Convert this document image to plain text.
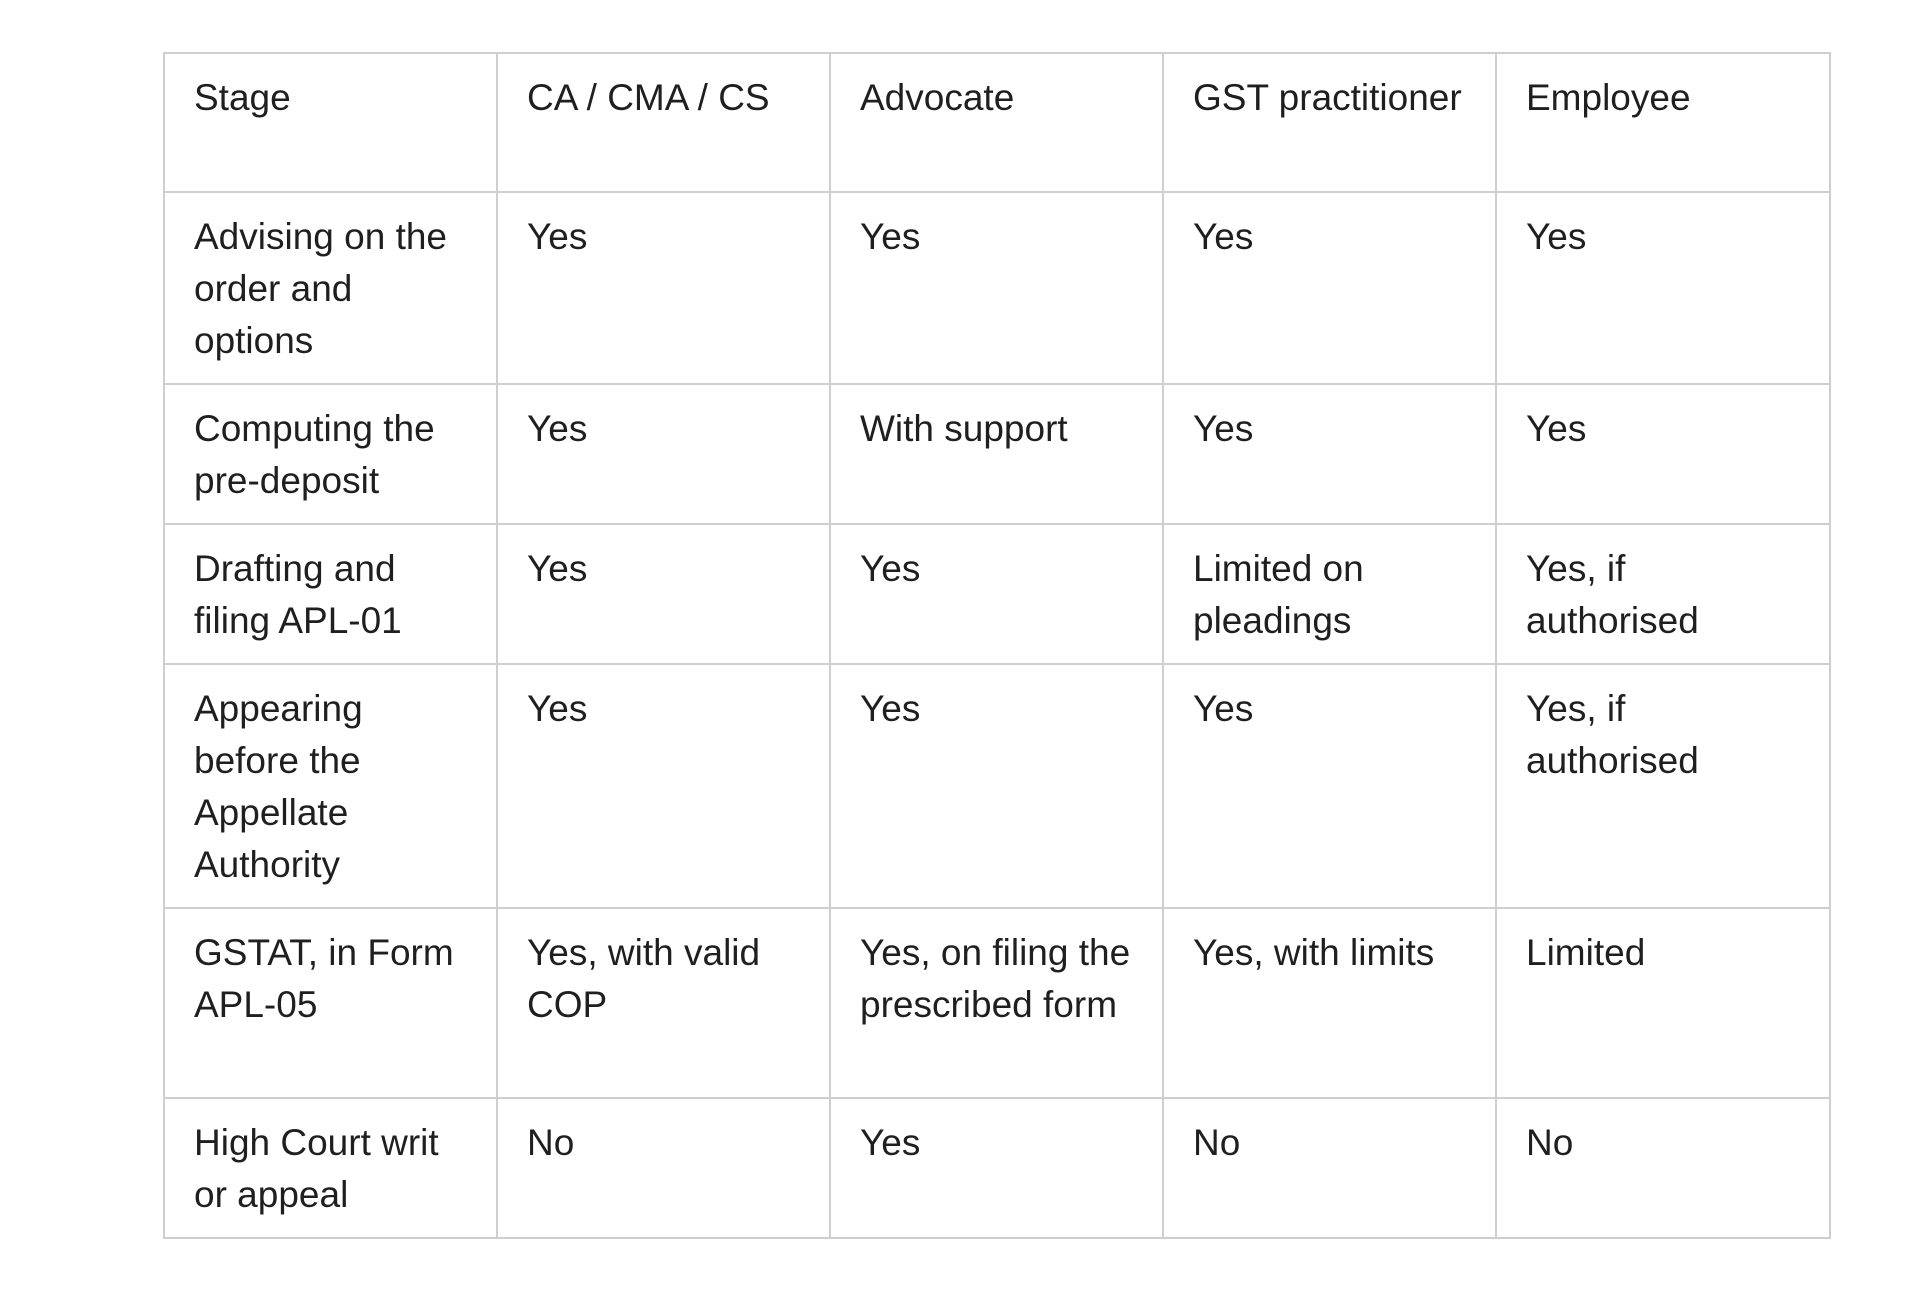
Stage	CA / CMA / CS	Advocate	GST practitioner	Employee
Advising on the order and options	Yes	Yes	Yes	Yes
Computing the pre-deposit	Yes	With support	Yes	Yes
Drafting and filing APL-01	Yes	Yes	Limited on pleadings	Yes, if authorised
Appearing before the Appellate Authority	Yes	Yes	Yes	Yes, if authorised
GSTAT, in Form APL-05	Yes, with valid COP	Yes, on filing the prescribed form	Yes, with limits	Limited
High Court writ or appeal	No	Yes	No	No
